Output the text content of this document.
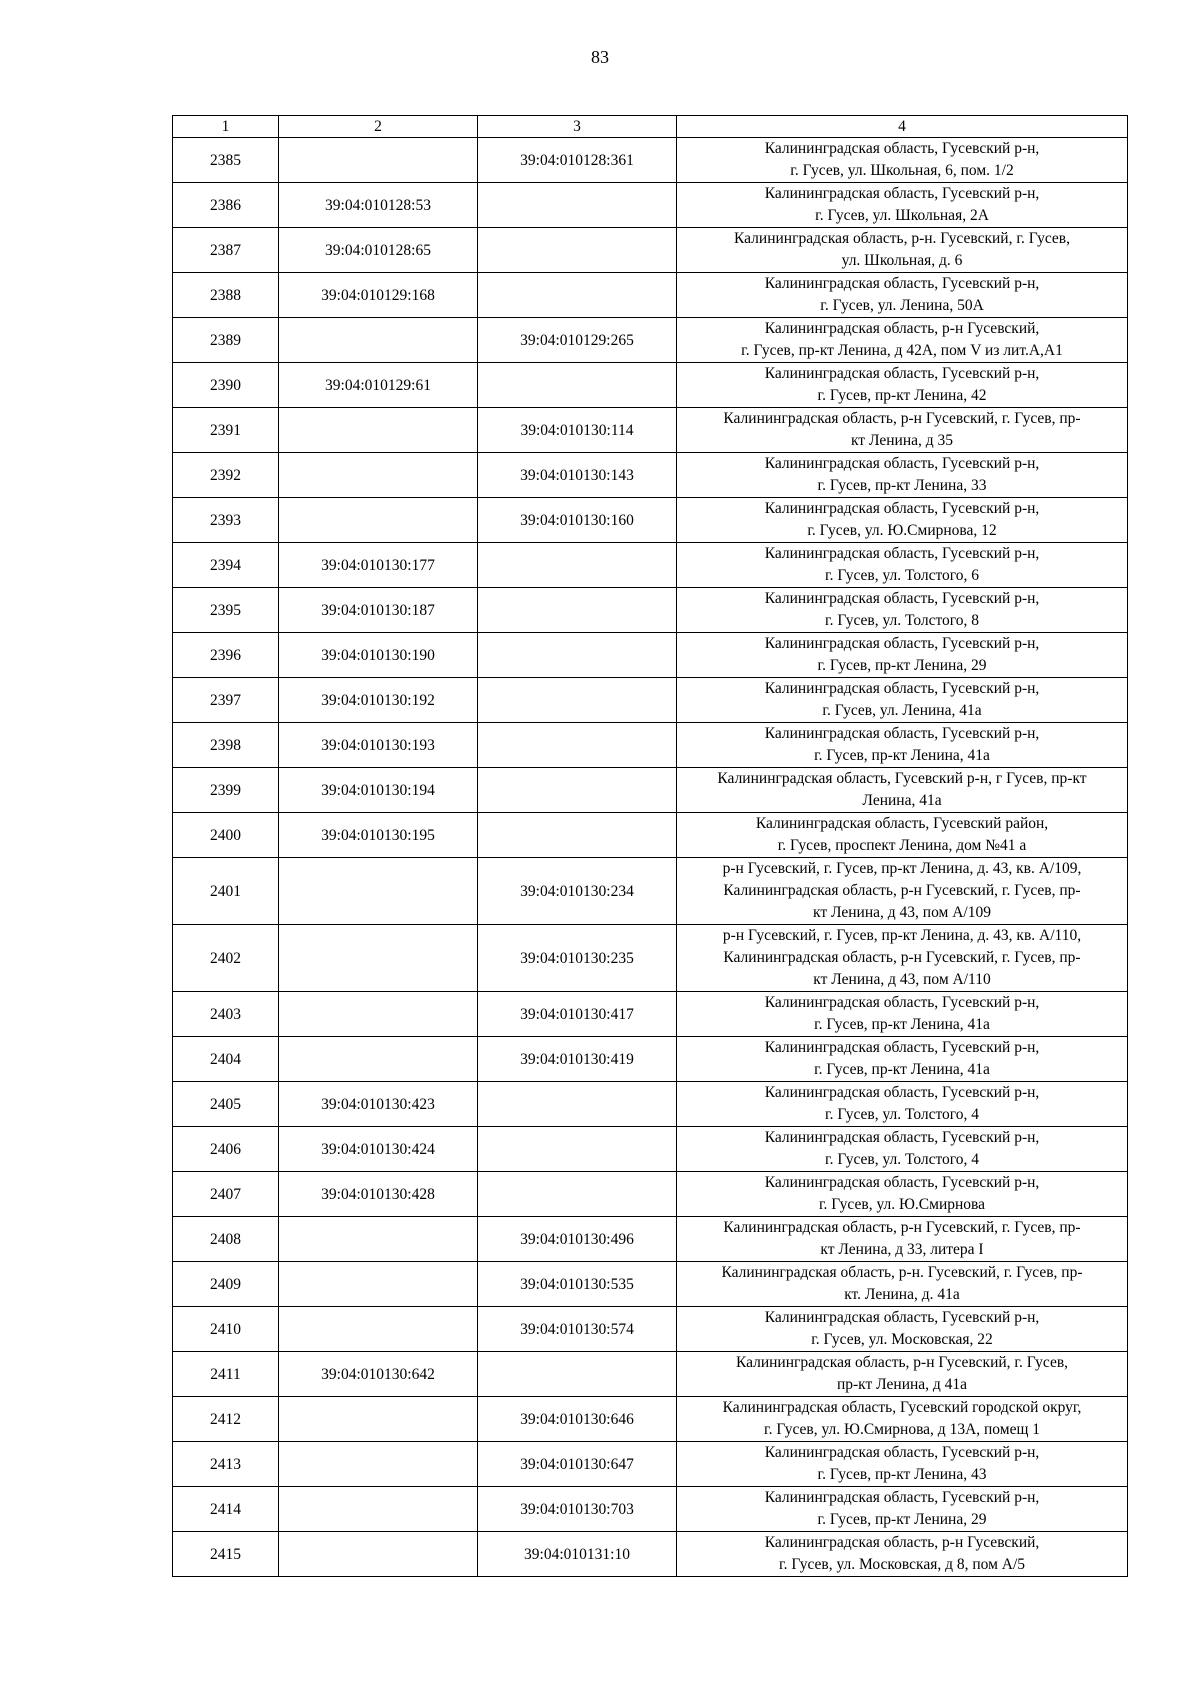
83
1	2	3	4
2385		39:04:010128:361	Калининградская область, Гусевский р-н,
г. Гусев, ул. Школьная, 6, пом. 1/2

2386	39:04:010128:53		Калининградская область, Гусевский р-н,
г. Гусев, ул. Школьная, 2А

2387	39:04:010128:65		Калининградская область, р-н. Гусевский, г. Гусев,
ул. Школьная, д. 6

2388	39:04:010129:168		Калининградская область, Гусевский р-н,
г. Гусев, ул. Ленина, 50А

2389		39:04:010129:265	Калининградская область, р-н Гусевский,
г. Гусев, пр-кт Ленина, д 42А, пом V из лит.А,А1

2390	39:04:010129:61		Калининградская область, Гусевский р-н,
г. Гусев, пр-кт Ленина, 42

2391		39:04:010130:114	Калининградская область, р-н Гусевский, г. Гусев, пр-
кт Ленина, д 35

2392		39:04:010130:143	Калининградская область, Гусевский р-н,
г. Гусев, пр-кт Ленина, 33

2393		39:04:010130:160	Калининградская область, Гусевский р-н,
г. Гусев, ул. Ю.Смирнова, 12

2394	39:04:010130:177		Калининградская область, Гусевский р-н,
г. Гусев, ул. Толстого, 6

2395	39:04:010130:187		Калининградская область, Гусевский р-н,
г. Гусев, ул. Толстого, 8

2396	39:04:010130:190		Калининградская область, Гусевский р-н,
г. Гусев, пр-кт Ленина, 29

2397	39:04:010130:192		Калининградская область, Гусевский р-н,
г. Гусев, ул. Ленина, 41а

2398	39:04:010130:193		Калининградская область, Гусевский р-н,
г. Гусев, пр-кт Ленина, 41а

2399	39:04:010130:194		Калининградская область, Гусевский р-н, г Гусев, пр-кт
Ленина, 41а

2400	39:04:010130:195		Калининградская область, Гусевский район,
г. Гусев, проспект Ленина, дом №41 а

2401		39:04:010130:234	р-н Гусевский, г. Гусев, пр-кт Ленина, д. 43, кв. А/109,
Калининградская область, р-н Гусевский, г. Гусев, пр-
кт Ленина, д 43, пом А/109

2402		39:04:010130:235	р-н Гусевский, г. Гусев, пр-кт Ленина, д. 43, кв. А/110,
Калининградская область, р-н Гусевский, г. Гусев, пр-
кт Ленина, д 43, пом А/110

2403		39:04:010130:417	Калининградская область, Гусевский р-н,
г. Гусев, пр-кт Ленина, 41а

2404		39:04:010130:419	Калининградская область, Гусевский р-н,
г. Гусев, пр-кт Ленина, 41а

2405	39:04:010130:423		Калининградская область, Гусевский р-н,
г. Гусев, ул. Толстого, 4

2406	39:04:010130:424		Калининградская область, Гусевский р-н,
г. Гусев, ул. Толстого, 4

2407	39:04:010130:428		Калининградская область, Гусевский р-н,
г. Гусев, ул. Ю.Смирнова

2408		39:04:010130:496	Калининградская область, р-н Гусевский, г. Гусев, пр-
кт Ленина, д 33, литера I

2409		39:04:010130:535	Калининградская область, р-н. Гусевский, г. Гусев, пр-
кт. Ленина, д. 41а

2410		39:04:010130:574	Калининградская область, Гусевский р-н,
г. Гусев, ул. Московская, 22

2411	39:04:010130:642		Калининградская область, р-н Гусевский, г. Гусев,
пр-кт Ленина, д 41а

2412		39:04:010130:646	Калининградская область, Гусевский городской округ,
г. Гусев, ул. Ю.Смирнова, д 13А, помещ 1

2413		39:04:010130:647	Калининградская область, Гусевский р-н,
г. Гусев, пр-кт Ленина, 43

2414		39:04:010130:703	Калининградская область, Гусевский р-н,
г. Гусев, пр-кт Ленина, 29

2415		39:04:010131:10	Калининградская область, р-н Гусевский,
г. Гусев, ул. Московская, д 8, пом А/5
